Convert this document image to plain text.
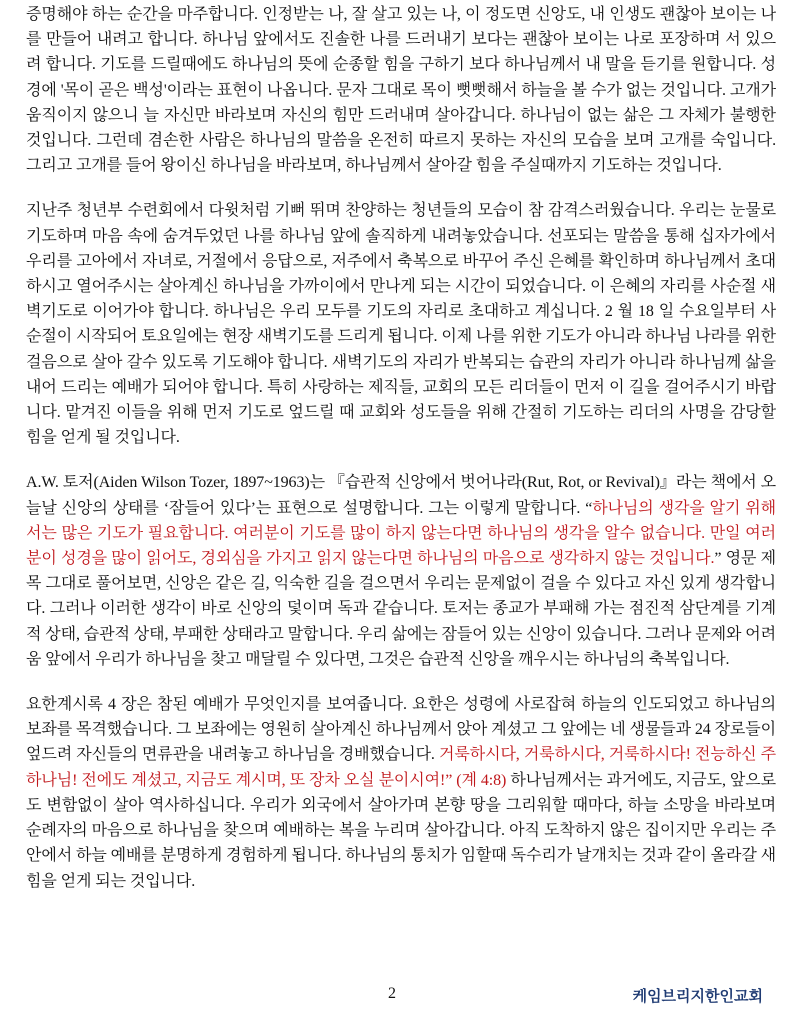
증명해야 하는 순간을 마주합니다. 인정받는 나, 잘 살고 있는 나, 이 정도면 신앙도, 내 인생도 괜찮아 보이는 나를 만들어 내려고 합니다. 하나님 앞에서도 진솔한 나를 드러내기 보다는 괜찮아 보이는 나로 포장하며 서 있으려 합니다. 기도를 드릴때에도 하나님의 뜻에 순종할 힘을 구하기 보다 하나님께서 내 말을 듣기를 원합니다. 성경에 '목이 곧은 백성'이라는 표현이 나옵니다. 문자 그대로 목이 뻣뻣해서 하늘을 볼 수가 없는 것입니다. 고개가 움직이지 않으니 늘 자신만 바라보며 자신의 힘만 드러내며 살아갑니다. 하나님이 없는 삶은 그 자체가 불행한 것입니다. 그런데 겸손한 사람은 하나님의 말씀을 온전히 따르지 못하는 자신의 모습을 보며 고개를 숙입니다. 그리고 고개를 들어 왕이신 하나님을 바라보며, 하나님께서 살아갈 힘을 주실때까지 기도하는 것입니다.

지난주 청년부 수련회에서 다윗처럼 기뻐 뛰며 찬양하는 청년들의 모습이 참 감격스러웠습니다. 우리는 눈물로 기도하며 마음 속에 숨겨두었던 나를 하나님 앞에 솔직하게 내려놓았습니다. 선포되는 말씀을 통해 십자가에서 우리를 고아에서 자녀로, 거절에서 응답으로, 저주에서 축복으로 바꾸어 주신 은혜를 확인하며 하나님께서 초대하시고 열어주시는 살아계신 하나님을 가까이에서 만나게 되는 시간이 되었습니다. 이 은혜의 자리를 사순절 새벽기도로 이어가야 합니다. 하나님은 우리 모두를 기도의 자리로 초대하고 계십니다. 2 월 18 일 수요일부터 사순절이 시작되어 토요일에는 현장 새벽기도를 드리게 됩니다. 이제 나를 위한 기도가 아니라 하나님 나라를 위한 걸음으로 살아 갈수 있도록 기도해야 합니다. 새벽기도의 자리가 반복되는 습관의 자리가 아니라 하나님께 삶을 내어 드리는 예배가 되어야 합니다. 특히 사랑하는 제직들, 교회의 모든 리더들이 먼저 이 길을 걸어주시기 바랍니다. 맡겨진 이들을 위해 먼저 기도로 엎드릴 때 교회와 성도들을 위해 간절히 기도하는 리더의 사명을 감당할 힘을 얻게 될 것입니다.

A.W. 토저(Aiden Wilson Tozer, 1897~1963)는 『습관적 신앙에서 벗어나라(Rut, Rot, or Revival)』라는 책에서 오늘날 신앙의 상태를 ‘잠들어 있다’는 표현으로 설명합니다. 그는 이렇게 말합니다. “하나님의 생각을 알기 위해서는 많은 기도가 필요합니다. 여러분이 기도를 많이 하지 않는다면 하나님의 생각을 알수 없습니다. 만일 여러분이 성경을 많이 읽어도, 경외심을 가지고 읽지 않는다면 하나님의 마음으로 생각하지 않는 것입니다.” 영문 제목 그대로 풀어보면, 신앙은 같은 길, 익숙한 길을 걸으면서 우리는 문제없이 걸을 수 있다고 자신 있게 생각합니다. 그러나 이러한 생각이 바로 신앙의 덫이며 독과 같습니다. 토저는 종교가 부패해 가는 점진적 삼단계를 기계적 상태, 습관적 상태, 부패한 상태라고 말합니다. 우리 삶에는 잠들어 있는 신앙이 있습니다. 그러나 문제와 어려움 앞에서 우리가 하나님을 찾고 매달릴 수 있다면, 그것은 습관적 신앙을 깨우시는 하나님의 축복입니다.

요한계시록 4 장은 참된 예배가 무엇인지를 보여줍니다. 요한은 성령에 사로잡혀 하늘의 인도되었고 하나님의 보좌를 목격했습니다. 그 보좌에는 영원히 살아계신 하나님께서 앉아 계셨고 그 앞에는 네 생물들과 24 장로들이 엎드려 자신들의 면류관을 내려놓고 하나님을 경배했습니다. 거룩하시다, 거룩하시다, 거룩하시다! 전능하신 주 하나님! 전에도 계셨고, 지금도 계시며, 또 장차 오실 분이시여!” (계 4:8) 하나님께서는 과거에도, 지금도, 앞으로도 변함없이 살아 역사하십니다. 우리가 외국에서 살아가며 본향 땅을 그리워할 때마다, 하늘 소망을 바라보며 순례자의 마음으로 하나님을 찾으며 예배하는 복을 누리며 살아갑니다. 아직 도착하지 않은 집이지만 우리는 주 안에서 하늘 예배를 분명하게 경험하게 됩니다. 하나님의 통치가 임할때 독수리가 날개치는 것과 같이 올라갈 새힘을 얻게 되는 것입니다.

2	케임브리지한인교회
